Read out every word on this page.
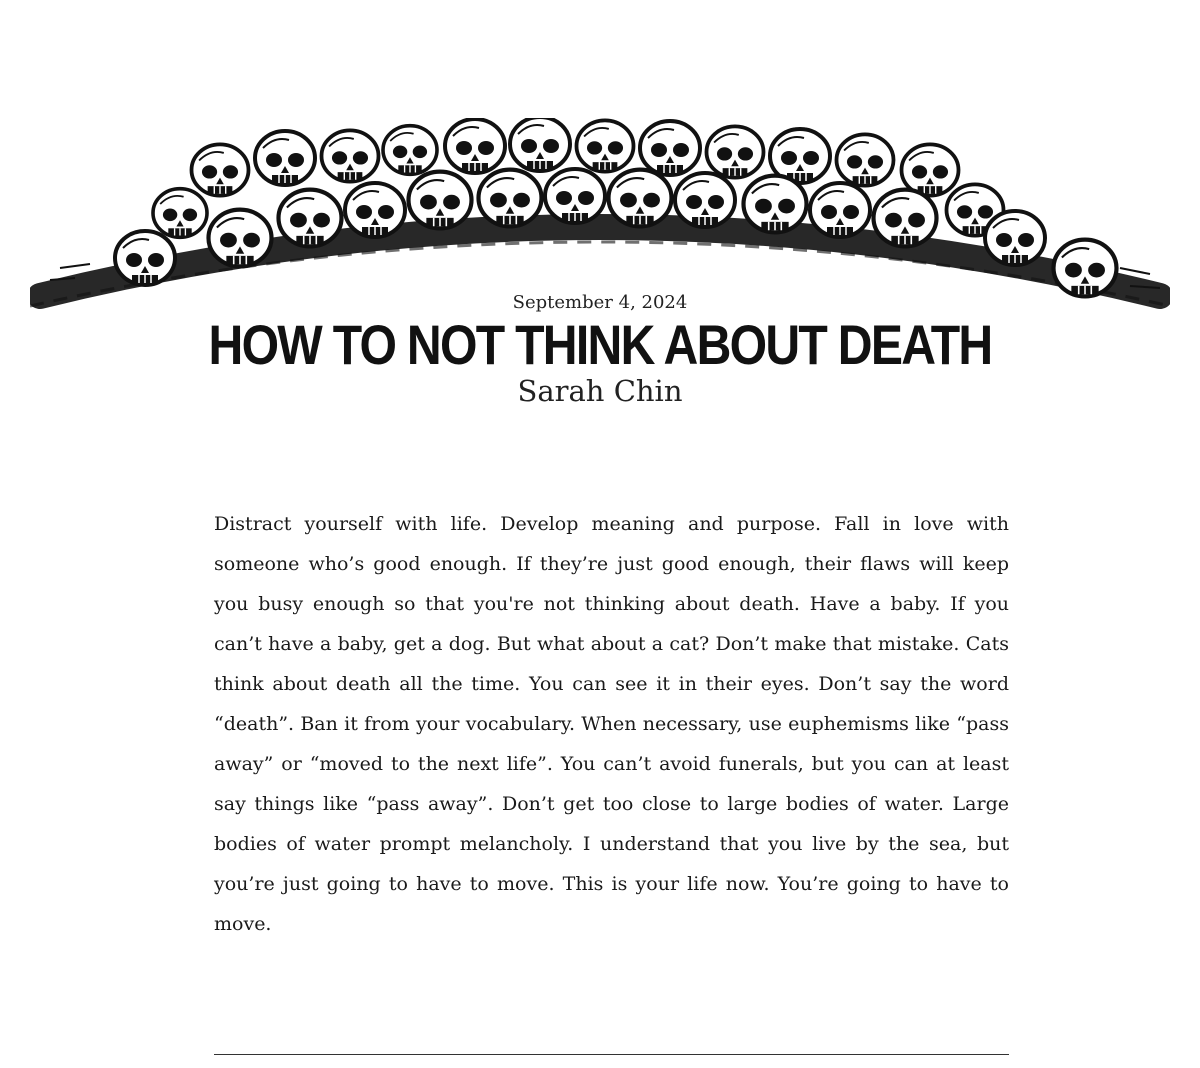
September 4, 2024
HOW TO NOT THINK ABOUT DEATH
Sarah Chin

Distract yourself with life. Develop meaning and purpose. Fall in love with someone who’s good enough. If they’re just good enough, their flaws will keep you busy enough so that you're not thinking about death. Have a baby. If you can’t have a baby, get a dog. But what about a cat? Don’t make that mistake. Cats think about death all the time. You can see it in their eyes. Don’t say the word “death”. Ban it from your vocabulary. When necessary, use euphemisms like “pass away” or “moved to the next life”. You can’t avoid funerals, but you can at least say things like “pass away”. Don’t get too close to large bodies of water. Large bodies of water prompt melancholy. I understand that you live by the sea, but you’re just going to have to move. This is your life now. You’re going to have to move.
